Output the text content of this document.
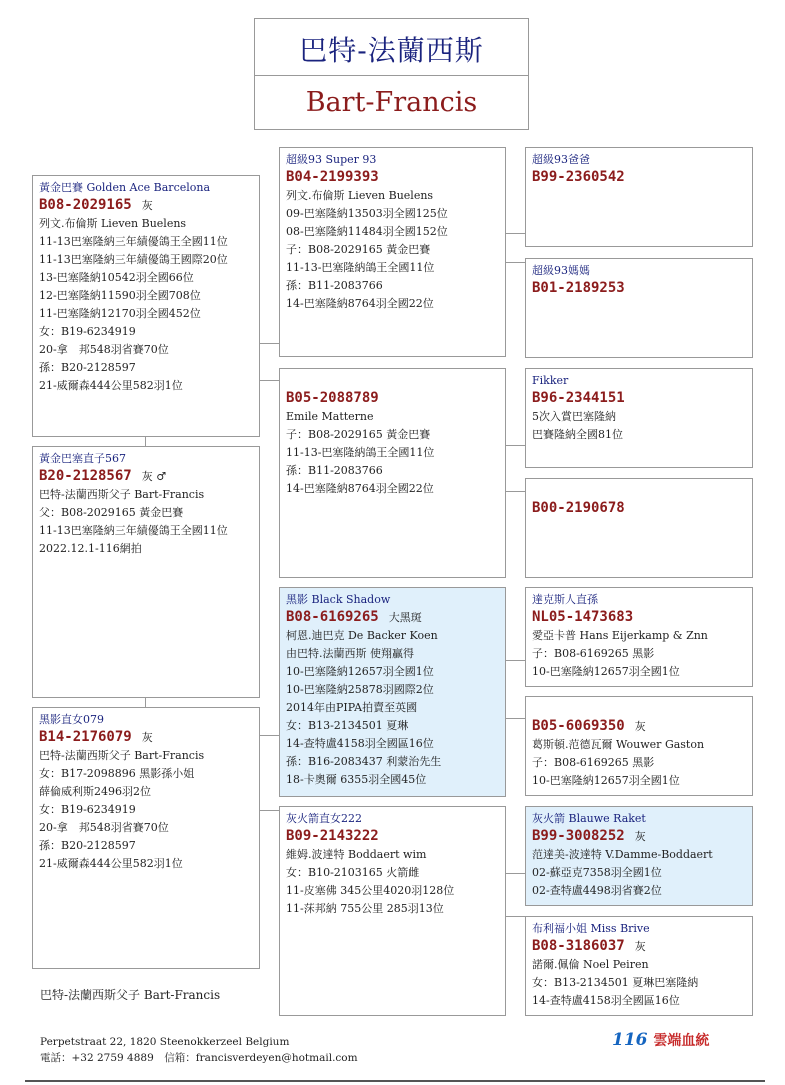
巴特-法蘭西斯
Bart-Francis
黃金巴賽 Golden Ace Barcelona
B08-2029165 灰
列文.布倫斯 Lieven Buelens
11-13巴塞隆納三年績優鴿王全國11位
11-13巴塞隆納三年績優鴿王國際20位
13-巴塞隆納10542羽全國66位
12-巴塞隆納11590羽全國708位
11-巴塞隆納12170羽全國452位
女：B19-6234919
20-拿　邦548羽省賽70位
孫：B20-2128597
21-威爾森444公里582羽1位
黃金巴塞直子567
B20-2128567 灰 ♂
巴特-法蘭西斯父子 Bart-Francis
父：B08-2029165 黃金巴賽
11-13巴塞隆納三年績優鴿王全國11位
2022.12.1-116網拍
黑影直女079
B14-2176079 灰
巴特-法蘭西斯父子 Bart-Francis
女：B17-2098896 黑影孫小姐
薛倫威利斯2496羽2位
女：B19-6234919
20-拿　邦548羽省賽70位
孫：B20-2128597
21-威爾森444公里582羽1位
超級93 Super 93
B04-2199393
列文.布倫斯 Lieven Buelens
09-巴塞隆納13503羽全國125位
08-巴塞隆納11484羽全國152位
子：B08-2029165 黃金巴賽
11-13-巴塞隆納鴿王全國11位
孫：B11-2083766
14-巴塞隆納8764羽全國22位
B05-2088789
Emile Matterne
子：B08-2029165 黃金巴賽
11-13-巴塞隆納鴿王全國11位
孫：B11-2083766
14-巴塞隆納8764羽全國22位
黑影 Black Shadow
B08-6169265 大黑斑
柯恩.迪巴克 De Backer Koen
由巴特.法蘭西斯 使翔贏得
10-巴塞隆納12657羽全國1位
10-巴塞隆納25878羽國際2位
2014年由PIPA拍賣至英國
女：B13-2134501 夏琳
14-查特盧4158羽全國區16位
孫：B16-2083437 利蒙治先生
18-卡奧爾 6355羽全國45位
灰火箭直女222
B09-2143222
維姆.波達特 Boddaert wim
女：B10-2103165 火箭雌
11-皮塞佛 345公里4020羽128位
11-莯邦納 755公里 285羽13位
超級93爸爸
B99-2360542
超級93媽媽
B01-2189253
Fikker
B96-2344151
5次入賞巴塞隆納
巴賽隆納全國81位
B00-2190678
達克斯人直孫
NL05-1473683
愛亞卡普 Hans Eijerkamp & Znn
子：B08-6169265 黑影
10-巴塞隆納12657羽全國1位
B05-6069350 灰
葛斯頓.范德瓦爾 Wouwer Gaston
子：B08-6169265 黑影
10-巴塞隆納12657羽全國1位
灰火箭 Blauwe Raket
B99-3008252 灰
范達美-波達特 V.Damme-Boddaert
02-蘇亞克7358羽全國1位
02-查特盧4498羽省賽2位
布利福小姐 Miss Brive
B08-3186037 灰
諾爾.佩倫 Noel Peiren
女：B13-2134501 夏琳巴塞隆納
14-查特盧4158羽全國區16位
巴特-法蘭西斯父子 Bart-Francis
Perpetstraat 22, 1820 Steenokkerzeel Belgium
電話：+32 2759 4889　信箱：francisverdeyen@hotmail.com
116 雲端血統
